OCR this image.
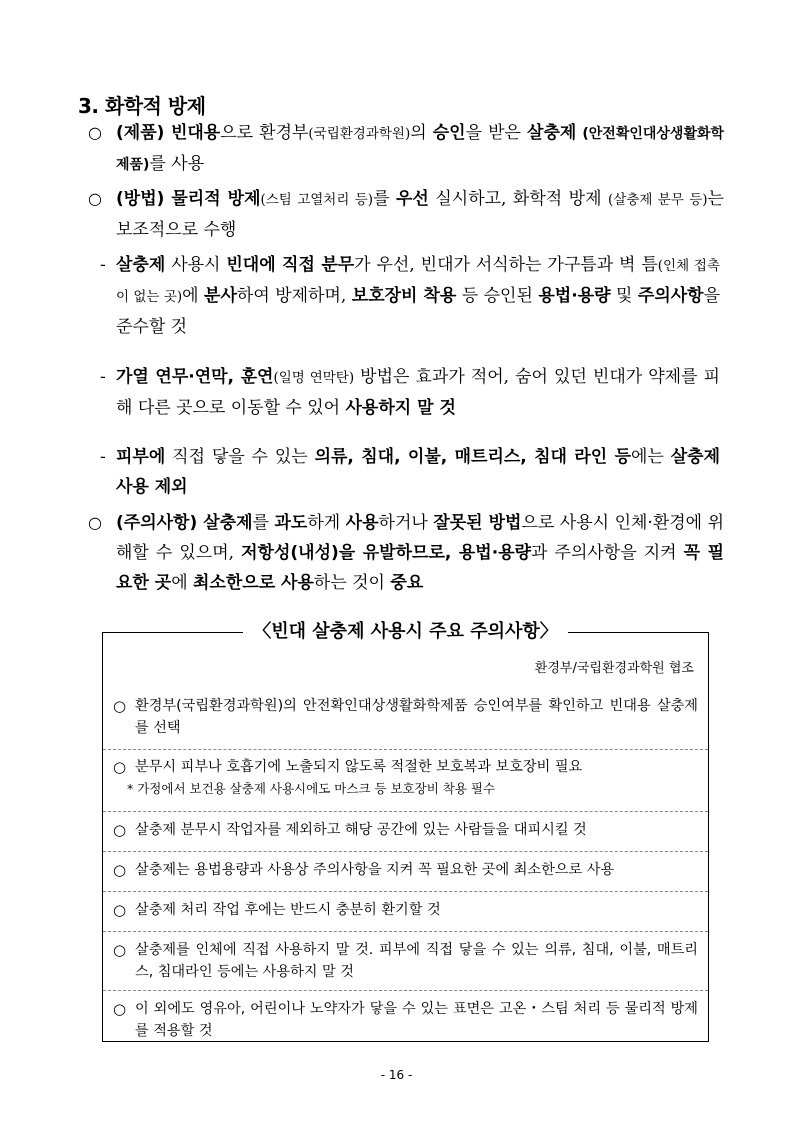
3. 화학적 방제
○ (제품) 빈대용으로 환경부(국립환경과학원)의 승인을 받은 살충제 (안전확인대상생활화학제품)를 사용
○ (방법) 물리적 방제(스팀 고열처리 등)를 우선 실시하고, 화학적 방제 (살충제 분무 등)는 보조적으로 수행
- 살충제 사용시 빈대에 직접 분무가 우선, 빈대가 서식하는 가구틈과 벽 틈(인체 접촉이 없는 곳)에 분사하여 방제하며, 보호장비 착용 등 승인된 용법·용량 및 주의사항을 준수할 것
- 가열 연무·연막, 훈연(일명 연막탄) 방법은 효과가 적어, 숨어 있던 빈대가 약제를 피해 다른 곳으로 이동할 수 있어 사용하지 말 것
- 피부에 직접 닿을 수 있는 의류, 침대, 이불, 매트리스, 침대 라인 등에는 살충제 사용 제외
○ (주의사항) 살충제를 과도하게 사용하거나 잘못된 방법으로 사용시 인체·환경에 위해할 수 있으며, 저항성(내성)을 유발하므로, 용법·용량과 주의사항을 지켜 꼭 필요한 곳에 최소한으로 사용하는 것이 중요
〈빈대 살충제 사용시 주요 주의사항〉
환경부/국립환경과학원 협조
○ 환경부(국립환경과학원)의 안전확인대상생활화학제품 승인여부를 확인하고 빈대용 살충제를 선택
○ 분무시 피부나 호흡기에 노출되지 않도록 적절한 보호복과 보호장비 필요
* 가정에서 보건용 살충제 사용시에도 마스크 등 보호장비 착용 필수
○ 살충제 분무시 작업자를 제외하고 해당 공간에 있는 사람들을 대피시킬 것
○ 살충제는 용법용량과 사용상 주의사항을 지켜 꼭 필요한 곳에 최소한으로 사용
○ 살충제 처리 작업 후에는 반드시 충분히 환기할 것
○ 살충제를 인체에 직접 사용하지 말 것. 피부에 직접 닿을 수 있는 의류, 침대, 이불, 매트리스, 침대라인 등에는 사용하지 말 것
○ 이 외에도 영유아, 어린이나 노약자가 닿을 수 있는 표면은 고온・스팀 처리 등 물리적 방제를 적용할 것
- 16 -
